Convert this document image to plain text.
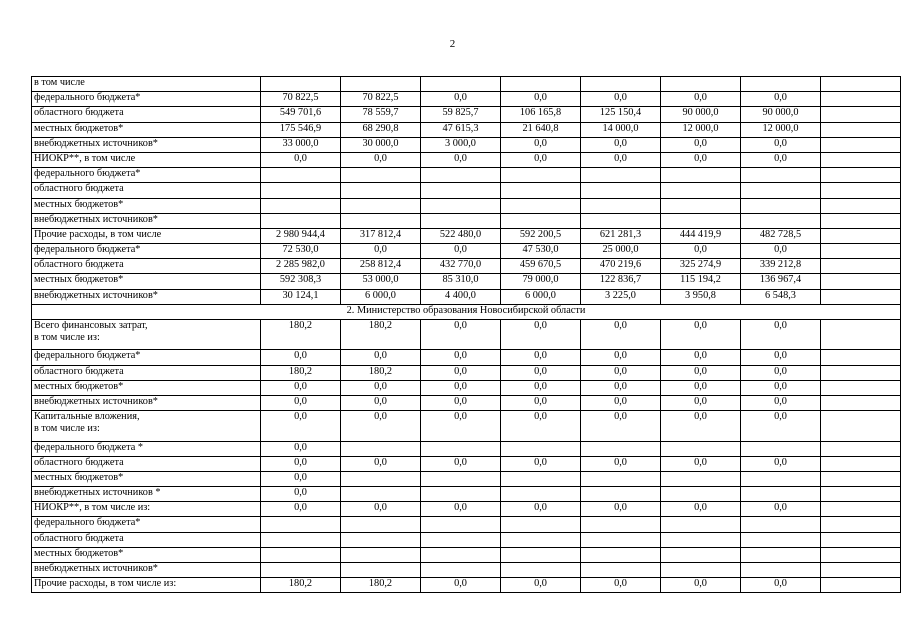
2
в том числе								
федерального бюджета*	70 822,5	70 822,5	0,0	0,0	0,0	0,0	0,0	
областного бюджета	549 701,6	78 559,7	59 825,7	106 165,8	125 150,4	90 000,0	90 000,0	
местных бюджетов*	175 546,9	68 290,8	47 615,3	21 640,8	14 000,0	12 000,0	12 000,0	
внебюджетных источников*	33 000,0	30 000,0	3 000,0	0,0	0,0	0,0	0,0	
НИОКР**, в том числе	0,0	0,0	0,0	0,0	0,0	0,0	0,0	
федерального бюджета*								
областного бюджета								
местных бюджетов*								
внебюджетных источников*								
Прочие расходы, в том числе	2 980 944,4	317 812,4	522 480,0	592 200,5	621 281,3	444 419,9	482 728,5	
федерального бюджета*	72 530,0	0,0	0,0	47 530,0	25 000,0	0,0	0,0	
областного бюджета	2 285 982,0	258 812,4	432 770,0	459 670,5	470 219,6	325 274,9	339 212,8	
местных бюджетов*	592 308,3	53 000,0	85 310,0	79 000,0	122 836,7	115 194,2	136 967,4	
внебюджетных источников*	30 124,1	6 000,0	4 400,0	6 000,0	3 225,0	3 950,8	6 548,3	
2. Министерство образования Новосибирской области								

Всего финансовых затрат,
в том числе из:	180,2	180,2	0,0	0,0	0,0	0,0	0,0	
федерального бюджета*	0,0	0,0	0,0	0,0	0,0	0,0	0,0	
областного бюджета	180,2	180,2	0,0	0,0	0,0	0,0	0,0	
местных бюджетов*	0,0	0,0	0,0	0,0	0,0	0,0	0,0	
внебюджетных источников*	0,0	0,0	0,0	0,0	0,0	0,0	0,0	

Капитальные вложения,
в том числе из:	0,0	0,0	0,0	0,0	0,0	0,0	0,0	
федерального бюджета *	0,0							
областного бюджета	0,0	0,0	0,0	0,0	0,0	0,0	0,0	
местных бюджетов*	0,0							
внебюджетных источников *	0,0							
НИОКР**, в том числе из:	0,0	0,0	0,0	0,0	0,0	0,0	0,0	
федерального бюджета*								
областного бюджета								
местных бюджетов*								
внебюджетных источников*								
Прочие расходы, в том числе из:	180,2	180,2	0,0	0,0	0,0	0,0	0,0	
